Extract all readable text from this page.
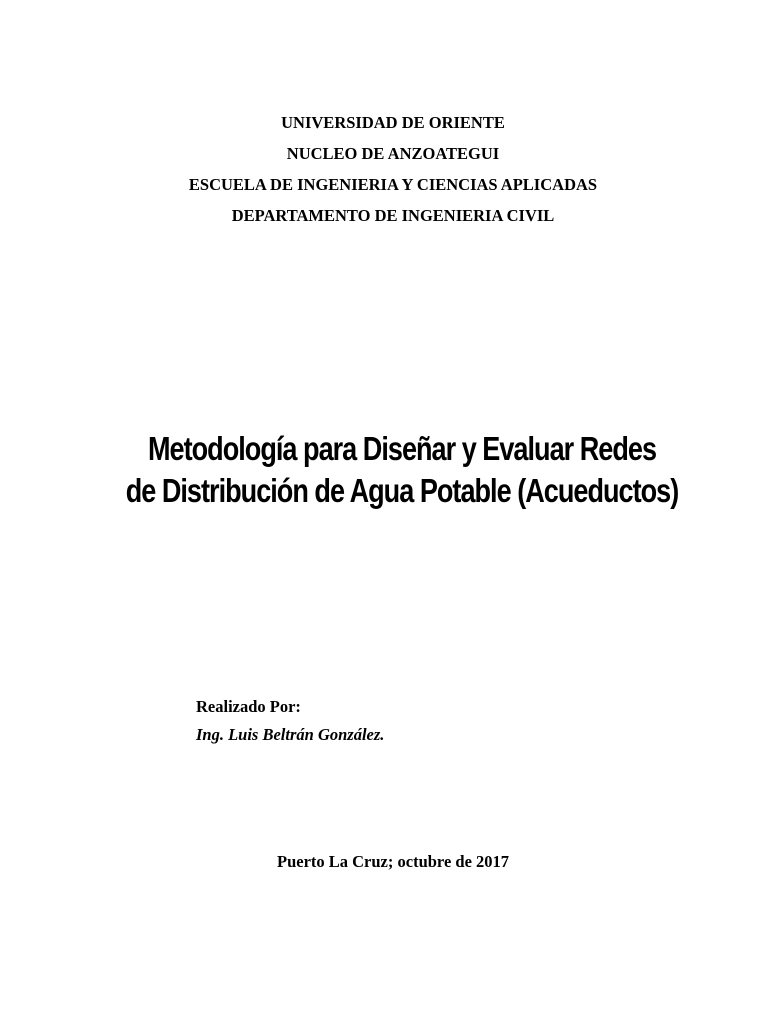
UNIVERSIDAD DE ORIENTE
NUCLEO DE ANZOATEGUI
ESCUELA DE INGENIERIA Y CIENCIAS APLICADAS
DEPARTAMENTO DE INGENIERIA CIVIL
Metodología para Diseñar y Evaluar Redes
de Distribución de Agua Potable (Acueductos)
Realizado Por:
Ing. Luis Beltrán González.
Puerto La Cruz; octubre de 2017
